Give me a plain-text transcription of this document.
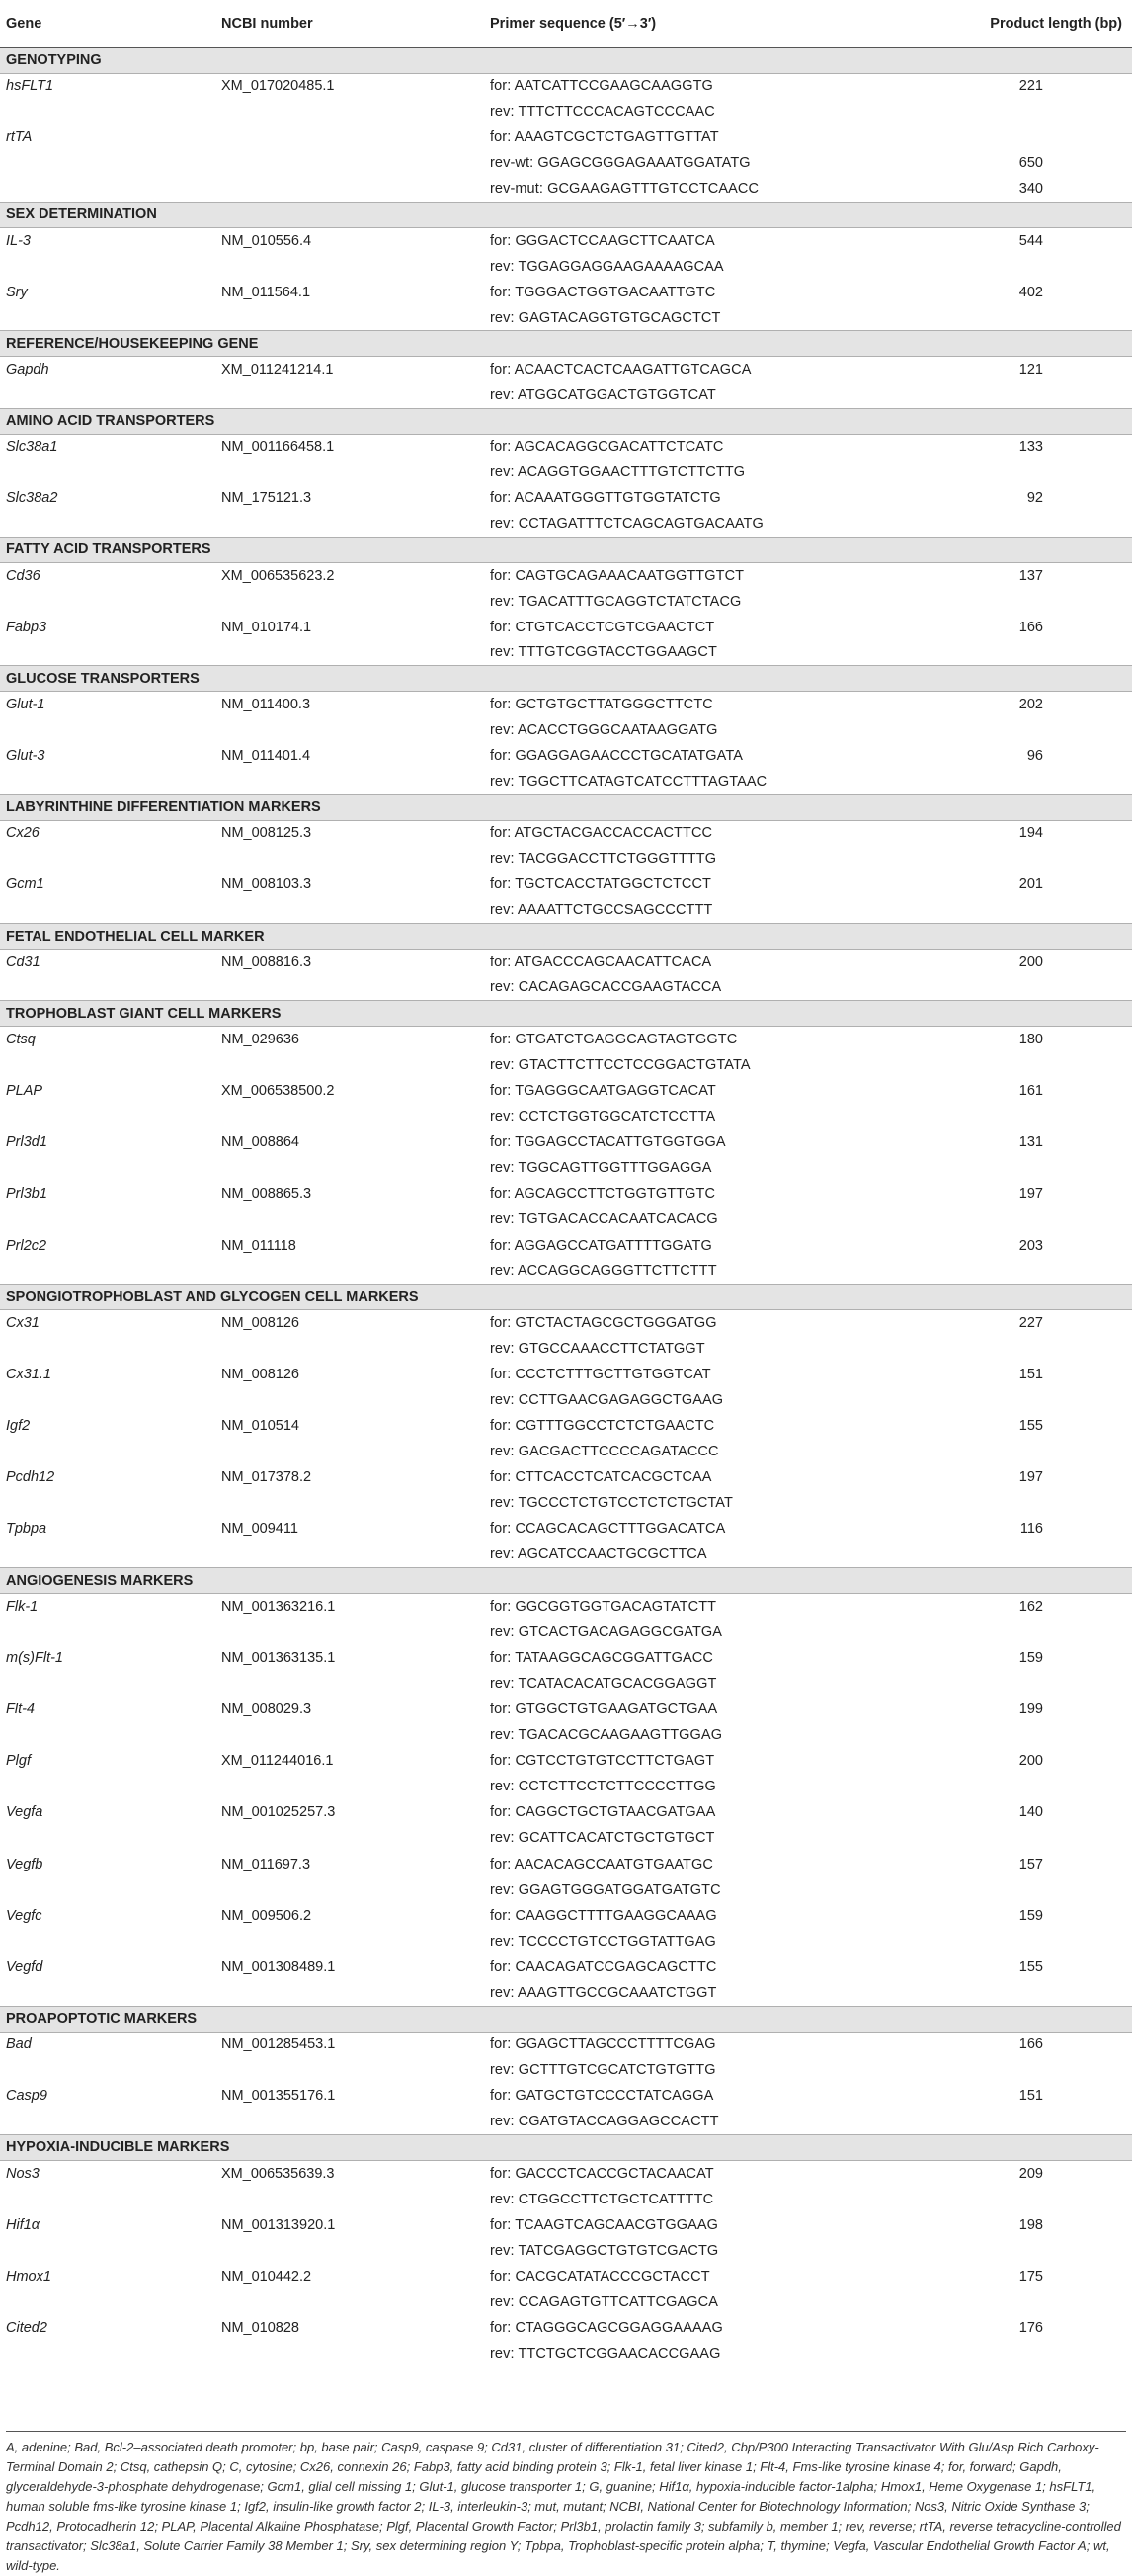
Gene	NCBI number	Primer sequence (5′→3′)	Product length (bp)
GENOTYPING			
hsFLT1	XM_017020485.1	for: AATCATTCCGAAGCAAGGTG	221
		rev: TTTCTTCCCACAGTCCCAAC	
rtTA		for: AAAGTCGCTCTGAGTTGTTAT	
		rev-wt: GGAGCGGGAGAAATGGATATG	650
		rev-mut: GCGAAGAGTTTGTCCTCAACC	340
SEX DETERMINATION			
IL-3	NM_010556.4	for: GGGACTCCAAGCTTCAATCA	544
		rev: TGGAGGAGGAAGAAAAGCAA	
Sry	NM_011564.1	for: TGGGACTGGTGACAATTGTC	402
		rev: GAGTACAGGTGTGCAGCTCT	
REFERENCE/HOUSEKEEPING GENE			
Gapdh	XM_011241214.1	for: ACAACTCACTCAAGATTGTCAGCA	121
		rev: ATGGCATGGACTGTGGTCAT	
AMINO ACID TRANSPORTERS			
Slc38a1	NM_001166458.1	for: AGCACAGGCGACATTCTCATC	133
		rev: ACAGGTGGAACTTTGTCTTCTTG	
Slc38a2	NM_175121.3	for: ACAAATGGGTTGTGGTATCTG	92
		rev: CCTAGATTTCTCAGCAGTGACAATG	
FATTY ACID TRANSPORTERS			
Cd36	XM_006535623.2	for: CAGTGCAGAAACAATGGTTGTCT	137
		rev: TGACATTTGCAGGTCTATCTACG	
Fabp3	NM_010174.1	for: CTGTCACCTCGTCGAACTCT	166
		rev: TTTGTCGGTACCTGGAAGCT	
GLUCOSE TRANSPORTERS			
Glut-1	NM_011400.3	for: GCTGTGCTTATGGGCTTCTC	202
		rev: ACACCTGGGCAATAAGGATG	
Glut-3	NM_011401.4	for: GGAGGAGAACCCTGCATATGATA	96
		rev: TGGCTTCATAGTCATCCTTTAGTAAC	
LABYRINTHINE DIFFERENTIATION MARKERS			
Cx26	NM_008125.3	for: ATGCTACGACCACCACTTCC	194
		rev: TACGGACCTTCTGGGTTTTG	
Gcm1	NM_008103.3	for: TGCTCACCTATGGCTCTCCT	201
		rev: AAAATTCTGCCSAGCCCTTT	
FETAL ENDOTHELIAL CELL MARKER			
Cd31	NM_008816.3	for: ATGACCCAGCAACATTCACA	200
		rev: CACAGAGCACCGAAGTACCA	
TROPHOBLAST GIANT CELL MARKERS			
Ctsq	NM_029636	for: GTGATCTGAGGCAGTAGTGGTC	180
		rev: GTACTTCTTCCTCCGGACTGTATA	
PLAP	XM_006538500.2	for: TGAGGGCAATGAGGTCACAT	161
		rev: CCTCTGGTGGCATCTCCTTA	
Prl3d1	NM_008864	for: TGGAGCCTACATTGTGGTGGA	131
		rev: TGGCAGTTGGTTTGGAGGA	
Prl3b1	NM_008865.3	for: AGCAGCCTTCTGGTGTTGTC	197
		rev: TGTGACACCACAATCACACG	
Prl2c2	NM_011118	for: AGGAGCCATGATTTTGGATG	203
		rev: ACCAGGCAGGGTTCTTCTTT	
SPONGIOTROPHOBLAST AND GLYCOGEN CELL MARKERS			
Cx31	NM_008126	for: GTCTACTAGCGCTGGGATGG	227
		rev: GTGCCAAACCTTCTATGGT	
Cx31.1	NM_008126	for: CCCTCTTTGCTTGTGGTCAT	151
		rev: CCTTGAACGAGAGGCTGAAG	
Igf2	NM_010514	for: CGTTTGGCCTCTCTGAACTC	155
		rev: GACGACTTCCCCAGATACCC	
Pcdh12	NM_017378.2	for: CTTCACCTCATCACGCTCAA	197
		rev: TGCCCTCTGTCCTCTCTGCTAT	
Tpbpa	NM_009411	for: CCAGCACAGCTTTGGACATCA	116
		rev: AGCATCCAACTGCGCTTCA	
ANGIOGENESIS MARKERS			
Flk-1	NM_001363216.1	for: GGCGGTGGTGACAGTATCTT	162
		rev: GTCACTGACAGAGGCGATGA	
m(s)Flt-1	NM_001363135.1	for: TATAAGGCAGCGGATTGACC	159
		rev: TCATACACATGCACGGAGGT	
Flt-4	NM_008029.3	for: GTGGCTGTGAAGATGCTGAA	199
		rev: TGACACGCAAGAAGTTGGAG	
Plgf	XM_011244016.1	for: CGTCCTGTGTCCTTCTGAGT	200
		rev: CCTCTTCCTCTTCCCCTTGG	
Vegfa	NM_001025257.3	for: CAGGCTGCTGTAACGATGAA	140
		rev: GCATTCACATCTGCTGTGCT	
Vegfb	NM_011697.3	for: AACACAGCCAATGTGAATGC	157
		rev: GGAGTGGGATGGATGATGTC	
Vegfc	NM_009506.2	for: CAAGGCTTTTGAAGGCAAAG	159
		rev: TCCCCTGTCCTGGTATTGAG	
Vegfd	NM_001308489.1	for: CAACAGATCCGAGCAGCTTC	155
		rev: AAAGTTGCCGCAAATCTGGT	
PROAPOPTOTIC MARKERS			
Bad	NM_001285453.1	for: GGAGCTTAGCCCTTTTCGAG	166
		rev: GCTTTGTCGCATCTGTGTTG	
Casp9	NM_001355176.1	for: GATGCTGTCCCCTATCAGGA	151
		rev: CGATGTACCAGGAGCCACTT	
HYPOXIA-INDUCIBLE MARKERS			
Nos3	XM_006535639.3	for: GACCCTCACCGCTACAACAT	209
		rev: CTGGCCTTCTGCTCATTTTC	
Hif1α	NM_001313920.1	for: TCAAGTCAGCAACGTGGAAG	198
		rev: TATCGAGGCTGTGTCGACTG	
Hmox1	NM_010442.2	for: CACGCATATACCCGCTACCT	175
		rev: CCAGAGTGTTCATTCGAGCA	
Cited2	NM_010828	for: CTAGGGCAGCGGAGGAAAAG	176
		rev: TTCTGCTCGGAACACCGAAG	
A, adenine; Bad, Bcl-2–associated death promoter; bp, base pair; Casp9, caspase 9; Cd31, cluster of differentiation 31; Cited2, Cbp/P300 Interacting Transactivator With Glu/Asp Rich Carboxy-Terminal Domain 2; Ctsq, cathepsin Q; C, cytosine; Cx26, connexin 26; Fabp3, fatty acid binding protein 3; Flk-1, fetal liver kinase 1; Flt-4, Fms-like tyrosine kinase 4; for, forward; Gapdh, glyceraldehyde-3-phosphate dehydrogenase; Gcm1, glial cell missing 1; Glut-1, glucose transporter 1; G, guanine; Hif1α, hypoxia-inducible factor-1alpha; Hmox1, Heme Oxygenase 1; hsFLT1, human soluble fms-like tyrosine kinase 1; Igf2, insulin-like growth factor 2; IL-3, interleukin-3; mut, mutant; NCBI, National Center for Biotechnology Information; Nos3, Nitric Oxide Synthase 3; Pcdh12, Protocadherin 12; PLAP, Placental Alkaline Phosphatase; Plgf, Placental Growth Factor; Prl3b1, prolactin family 3; subfamily b, member 1; rev, reverse; rtTA, reverse tetracycline-controlled transactivator; Slc38a1, Solute Carrier Family 38 Member 1; Sry, sex determining region Y; Tpbpa, Trophoblast-specific protein alpha; T, thymine; Vegfa, Vascular Endothelial Growth Factor A; wt, wild-type.
